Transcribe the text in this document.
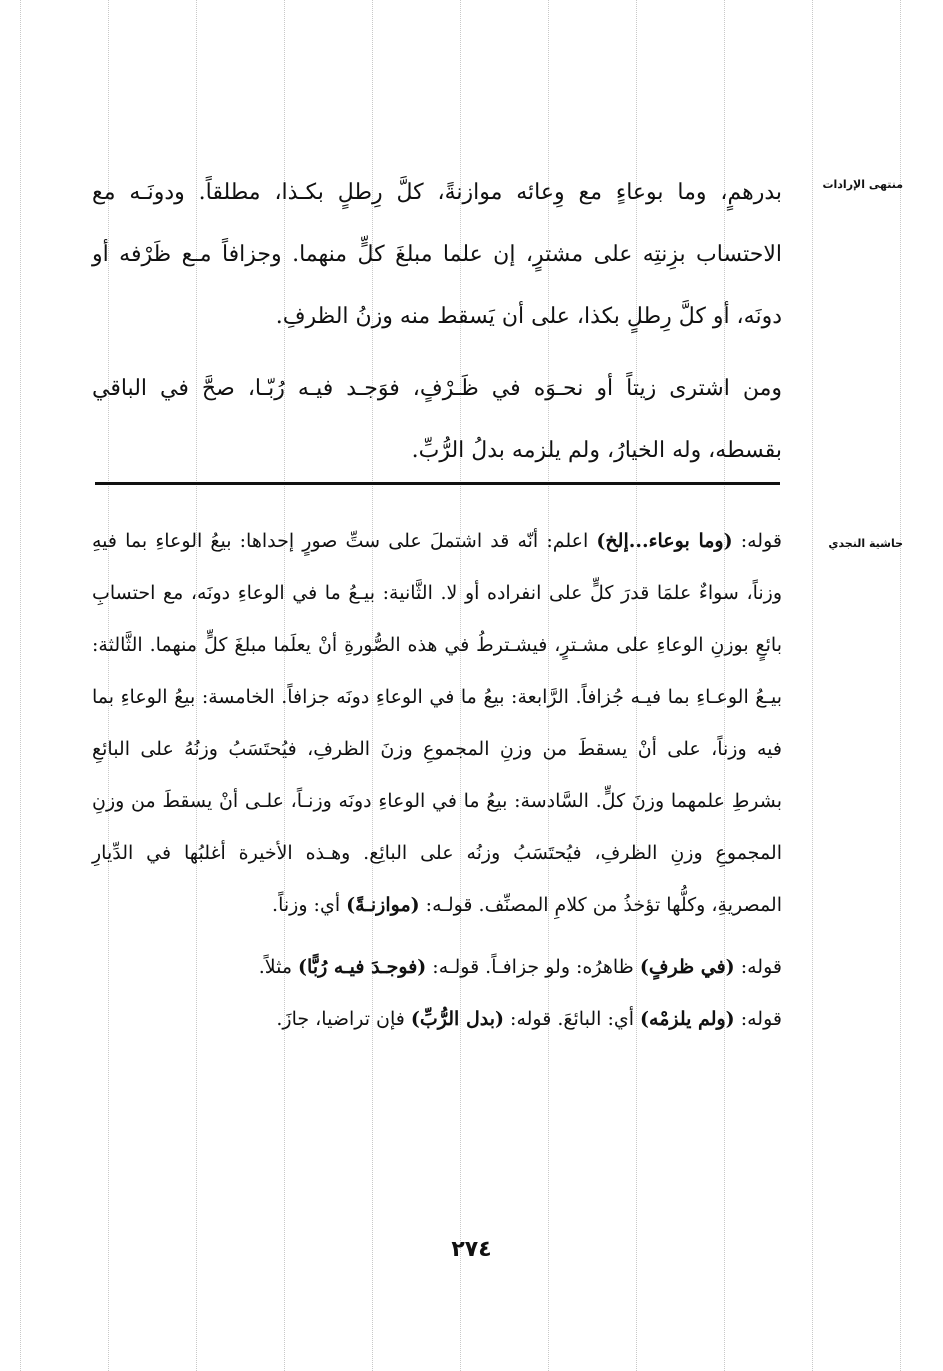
منتهى الإرادات
حاشية النجدي

بدرهمٍ، وما بوعاءٍ مع وِعائه موازنةً، كلَّ رِطلٍ بكـذا، مطلقاً. ودونَـه مع الاحتساب بزِنتِه على مشترٍ، إن علما مبلغَ كلٍّ منهما. وجزافاً مـع ظَرْفه أو دونَه، أو كلَّ رِطلٍ بكذا، على أن يَسقط منه وزنُ الظرفِ.

ومن اشترى زيتاً أو نحـوَه في ظَـرْفٍ، فوَجـد فيـه رُبّـا، صحَّ في الباقي بقسطه، وله الخيارُ، ولم يلزمه بدلُ الرُّبِّ.

قوله: (وما بوعاء...إلخ) اعلم: أنّه قد اشتملَ على ستِّ صورٍ إحداها: بيعُ الوعاءِ بما فيهِ وزناً، سواءٌ علمَا قدرَ كلٍّ على انفراده أو لا. الثَّانية: بيـعُ ما في الوعاءِ دونَه، مع احتسابِ بائعٍ بوزنِ الوعاءِ على مشـترٍ، فيشـترطُ في هذه الصُّورةِ أنْ يعلَما مبلغَ كلٍّ منهما. الثَّالثة: بيـعُ الوعـاءِ بما فيـه جُزافاً. الرَّابعة: بيعُ ما في الوعاءِ دونَه جزافاً. الخامسة: بيعُ الوعاءِ بما فيه وزناً، على أنْ يسقطَ من وزنِ المجموعِ وزنَ الظرفِ، فيُحتَسَبُ وزنُهُ على البائعِ بشرطِ علمهما وزنَ كلٍّ. السَّادسة: بيعُ ما في الوعاءِ دونَه وزنـاً، علـى أنْ يسقطَ من وزنِ المجموعِ وزنِ الظرفِ، فيُحتَسَبُ وزنُه على البائِع. وهـذه الأخيرة أغلبُها في الدِّيارِ المصريةِ، وكلُّها تؤخذُ من كلامِ المصنِّف. قولـه: (موازنـةً) أي: وزناً.

قوله: (في ظرفٍ) ظاهرُه: ولو جزافـاً. قولـه: (فوجـدَ فيـه رُبًّا) مثلاً.
قوله: (ولم يلزمْه) أي: البائعَ. قوله: (بدل الرُّبِّ) فإن تراضيا، جازَ.

٢٧٤
